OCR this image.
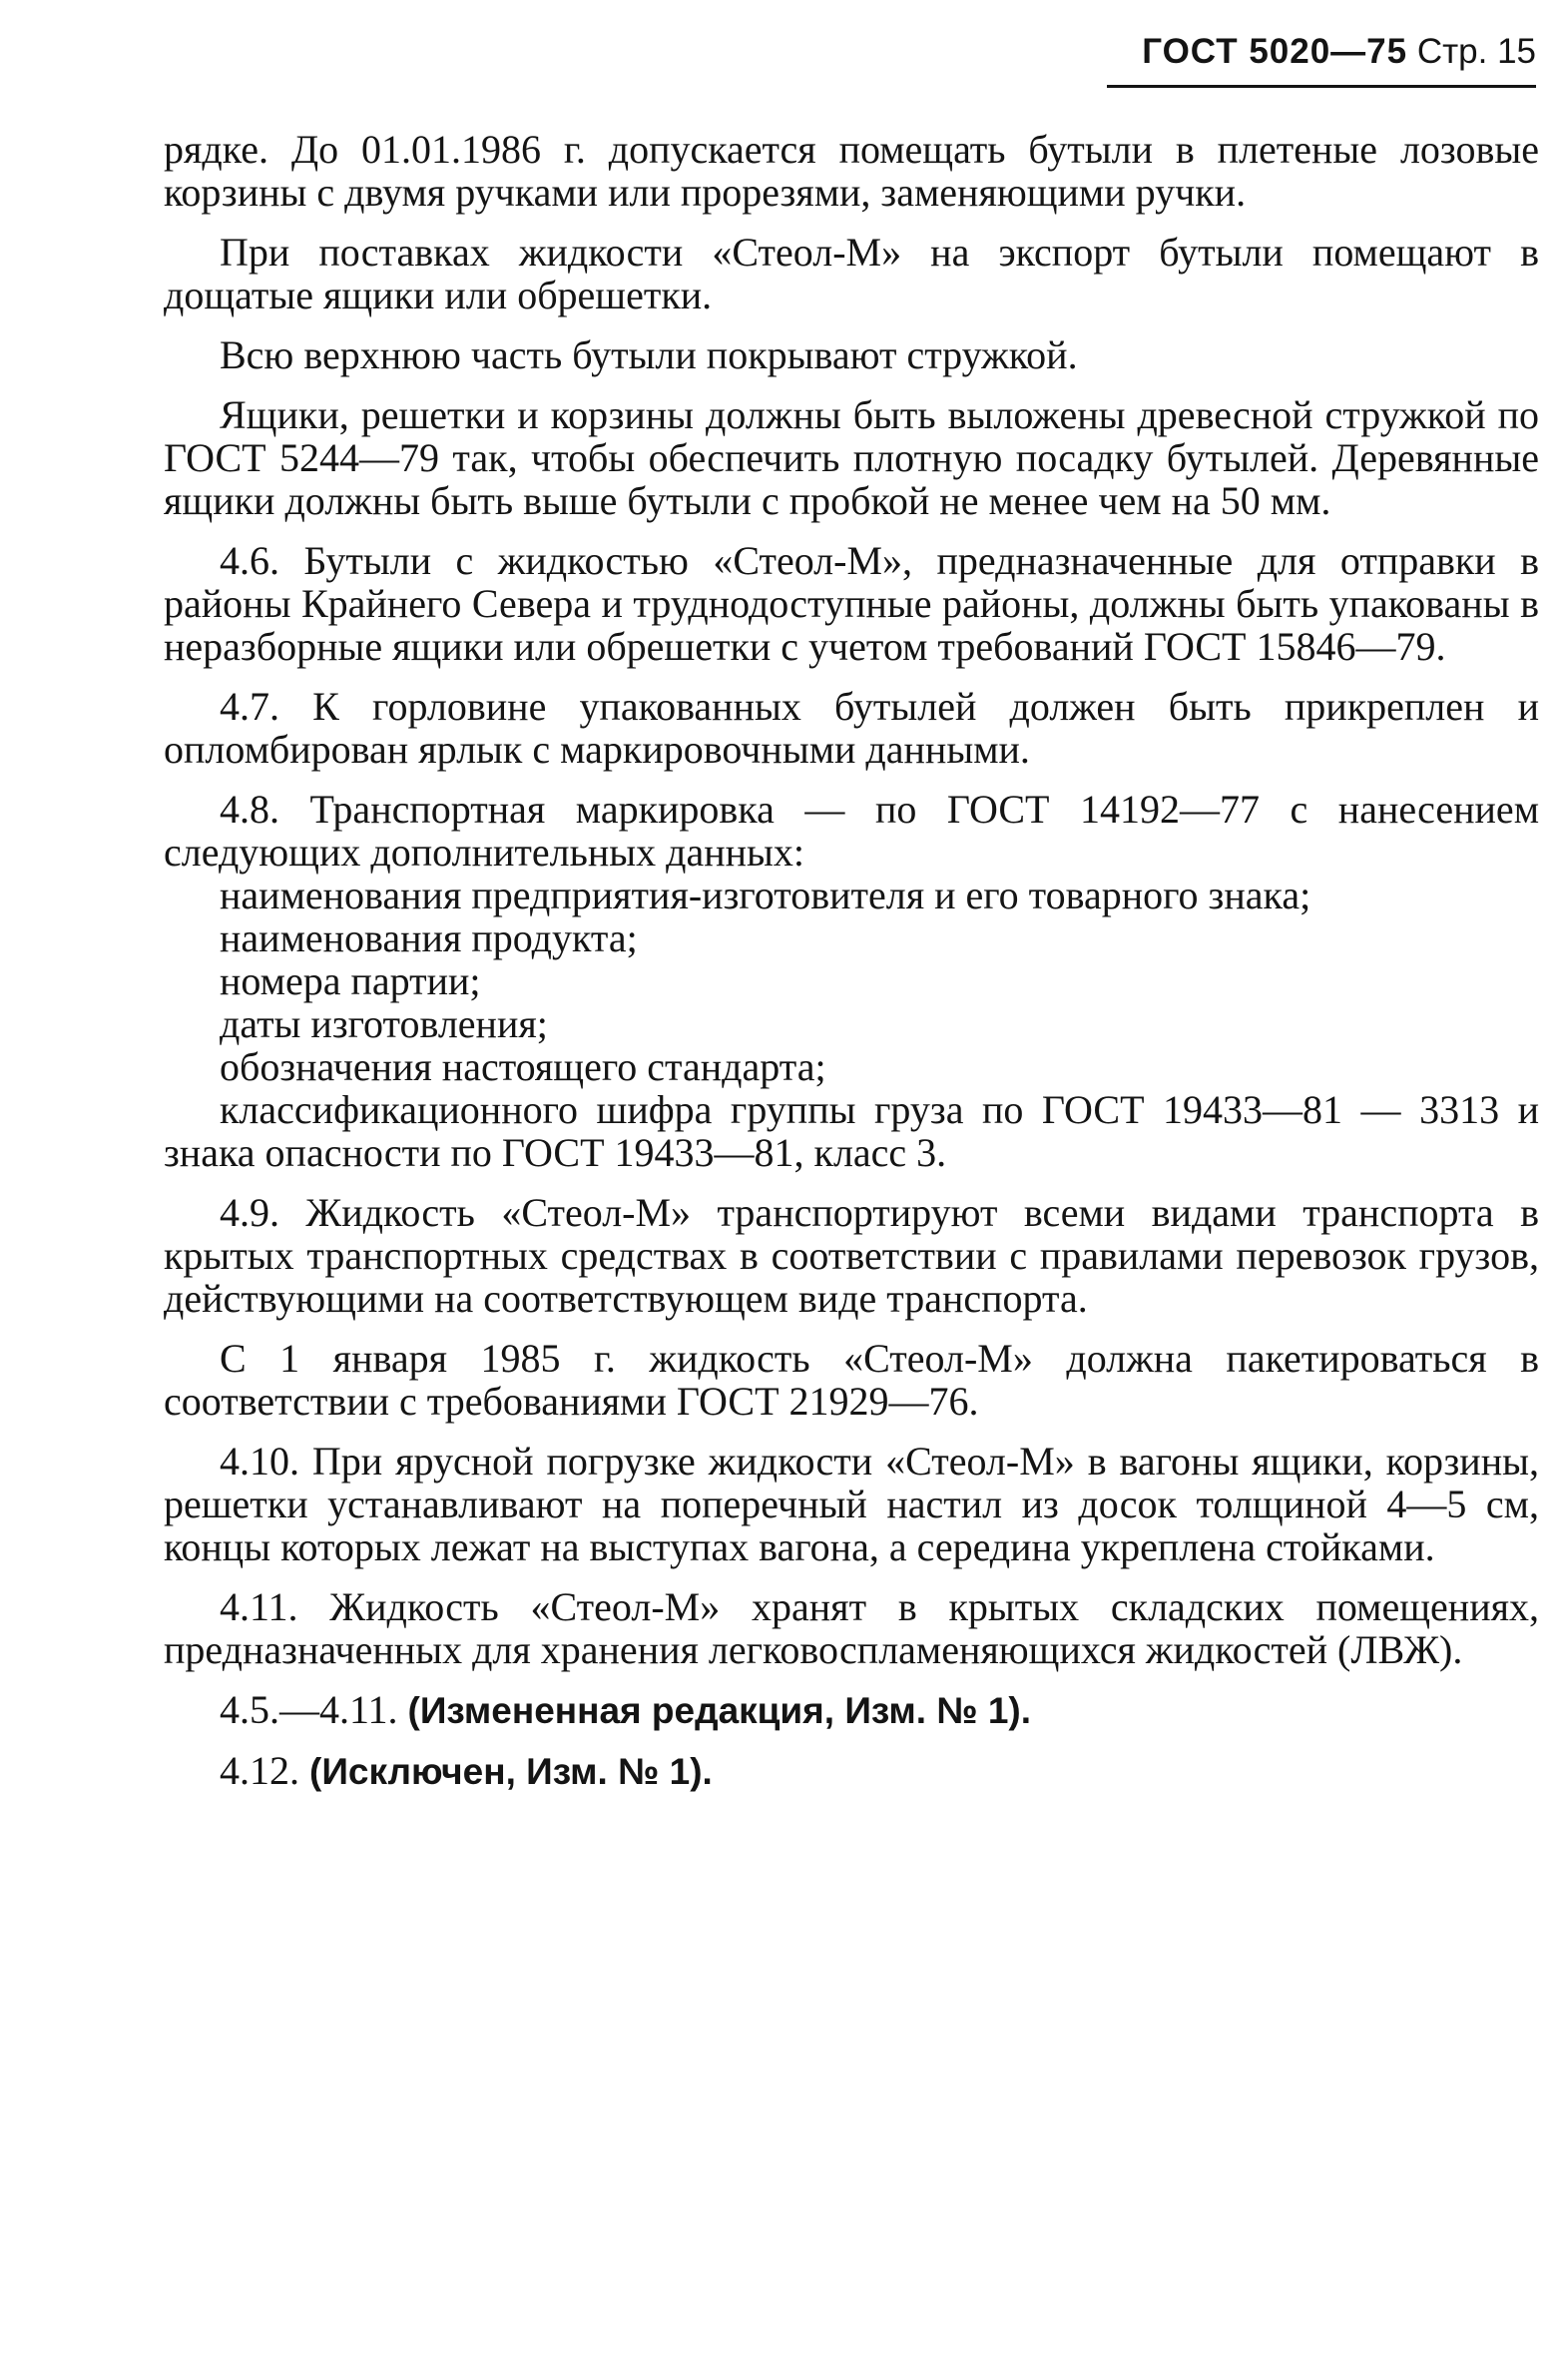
ГОСТ 5020—75 Стр. 15

рядке. До 01.01.1986 г. допускается помещать бутыли в плетеные лозовые корзины с двумя ручками или прорезями, заменяющими ручки.

При поставках жидкости «Стеол-М» на экспорт бутыли помещают в дощатые ящики или обрешетки.

Всю верхнюю часть бутыли покрывают стружкой.

Ящики, решетки и корзины должны быть выложены древесной стружкой по ГОСТ 5244—79 так, чтобы обеспечить плотную посадку бутылей. Деревянные ящики должны быть выше бутыли с пробкой не менее чем на 50 мм.

4.6. Бутыли с жидкостью «Стеол-М», предназначенные для отправки в районы Крайнего Севера и труднодоступные районы, должны быть упакованы в неразборные ящики или обрешетки с учетом требований ГОСТ 15846—79.

4.7. К горловине упакованных бутылей должен быть прикреплен и опломбирован ярлык с маркировочными данными.

4.8. Транспортная маркировка — по ГОСТ 14192—77 с нанесением следующих дополнительных данных:

наименования предприятия-изготовителя и его товарного знака;

наименования продукта;

номера партии;

даты изготовления;

обозначения настоящего стандарта;

классификационного шифра группы груза по ГОСТ 19433—81 — 3313 и знака опасности по ГОСТ 19433—81, класс 3.

4.9. Жидкость «Стеол-М» транспортируют всеми видами транспорта в крытых транспортных средствах в соответствии с правилами перевозок грузов, действующими на соответствующем виде транспорта.

С 1 января 1985 г. жидкость «Стеол-М» должна пакетироваться в соответствии с требованиями ГОСТ 21929—76.

4.10. При ярусной погрузке жидкости «Стеол-М» в вагоны ящики, корзины, решетки устанавливают на поперечный настил из досок толщиной 4—5 см, концы которых лежат на выступах вагона, а середина укреплена стойками.

4.11. Жидкость «Стеол-М» хранят в крытых складских помещениях, предназначенных для хранения легковоспламеняющихся жидкостей (ЛВЖ).

4.5.—4.11. (Измененная редакция, Изм. № 1).

4.12. (Исключен, Изм. № 1).
